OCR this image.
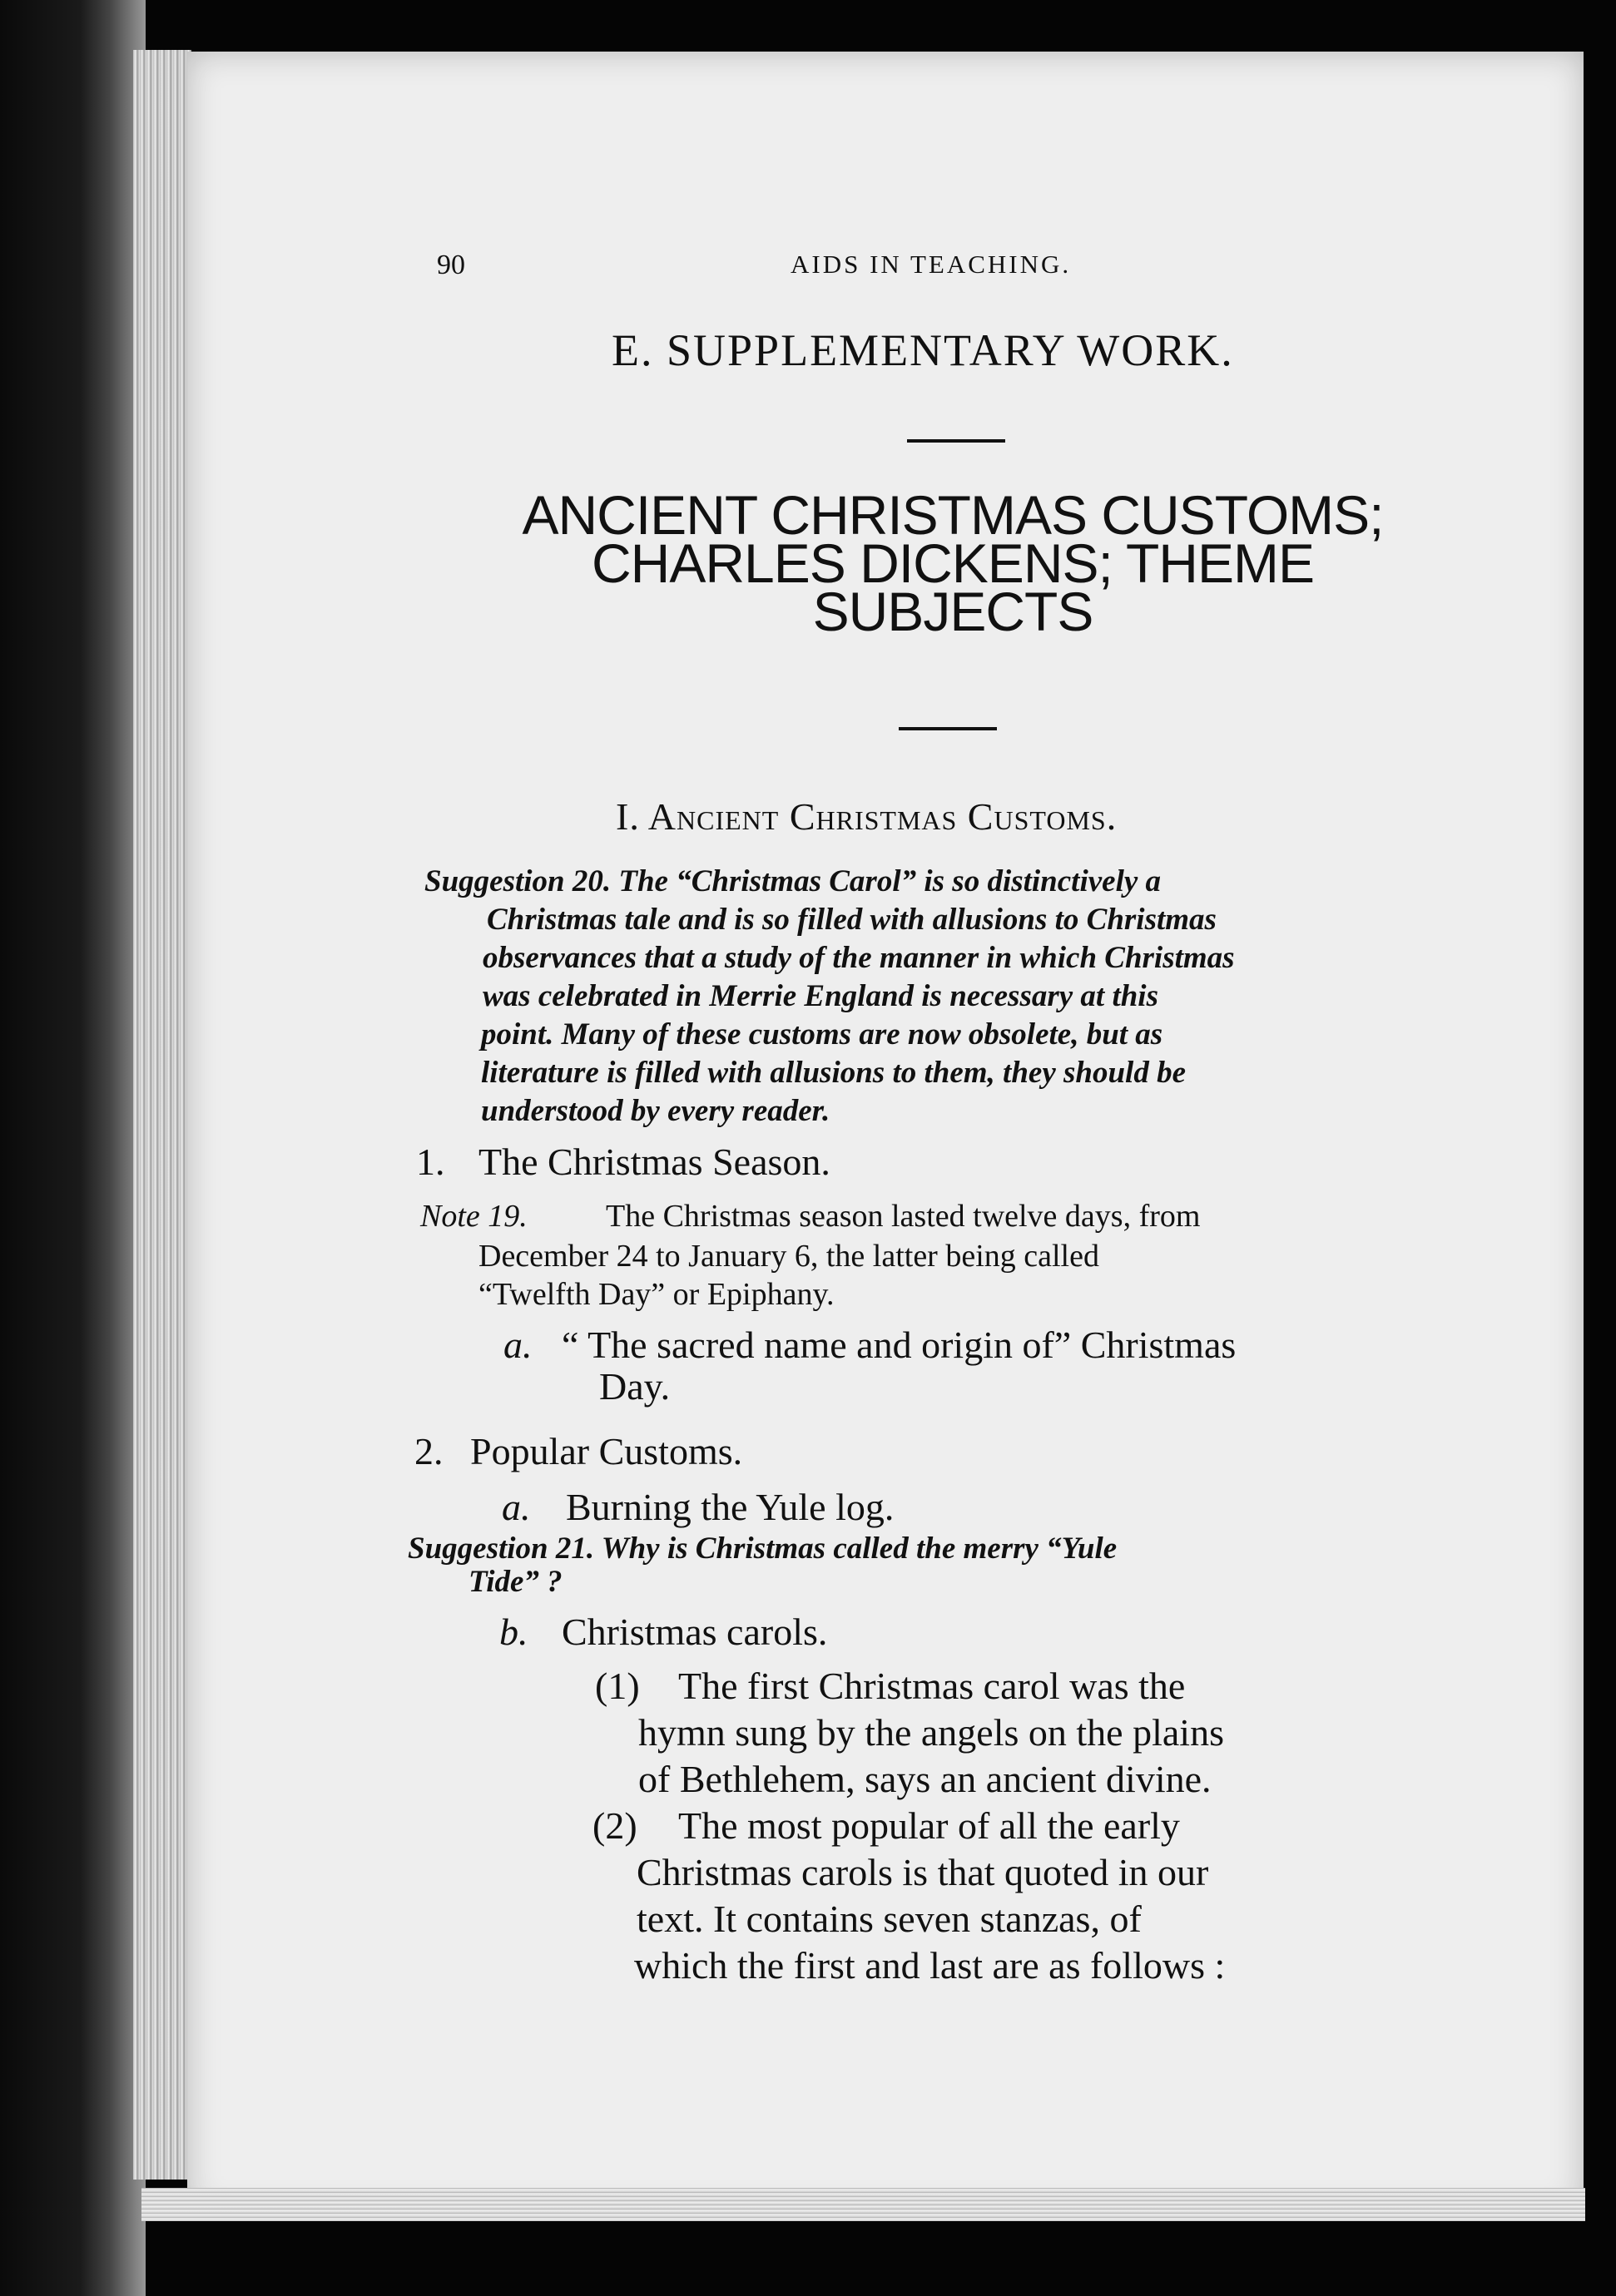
90	AIDS IN TEACHING.
E. SUPPLEMENTARY WORK.
ANCIENT CHRISTMAS CUSTOMS;
CHARLES DICKENS; THEME
SUBJECTS
I. Ancient Christmas Customs.
Suggestion 20. The “Christmas Carol” is so distinctively a
Christmas tale and is so filled with allusions to Christmas
observances that a study of the manner in which Christmas
was celebrated in Merrie England is necessary at this
point. Many of these customs are now obsolete, but as
literature is filled with allusions to them, they should be
understood by every reader.
1. The Christmas Season.
Note 19. The Christmas season lasted twelve days, from
December 24 to January 6, the latter being called
“Twelfth Day” or Epiphany.
a. “ The sacred name and origin of” Christmas
Day.
2. Popular Customs.
a. Burning the Yule log.
Suggestion 21. Why is Christmas called the merry “Yule
Tide” ?
b. Christmas carols.
(1) The first Christmas carol was the
hymn sung by the angels on the plains
of Bethlehem, says an ancient divine.
(2) The most popular of all the early
Christmas carols is that quoted in our
text. It contains seven stanzas, of
which the first and last are as follows :
